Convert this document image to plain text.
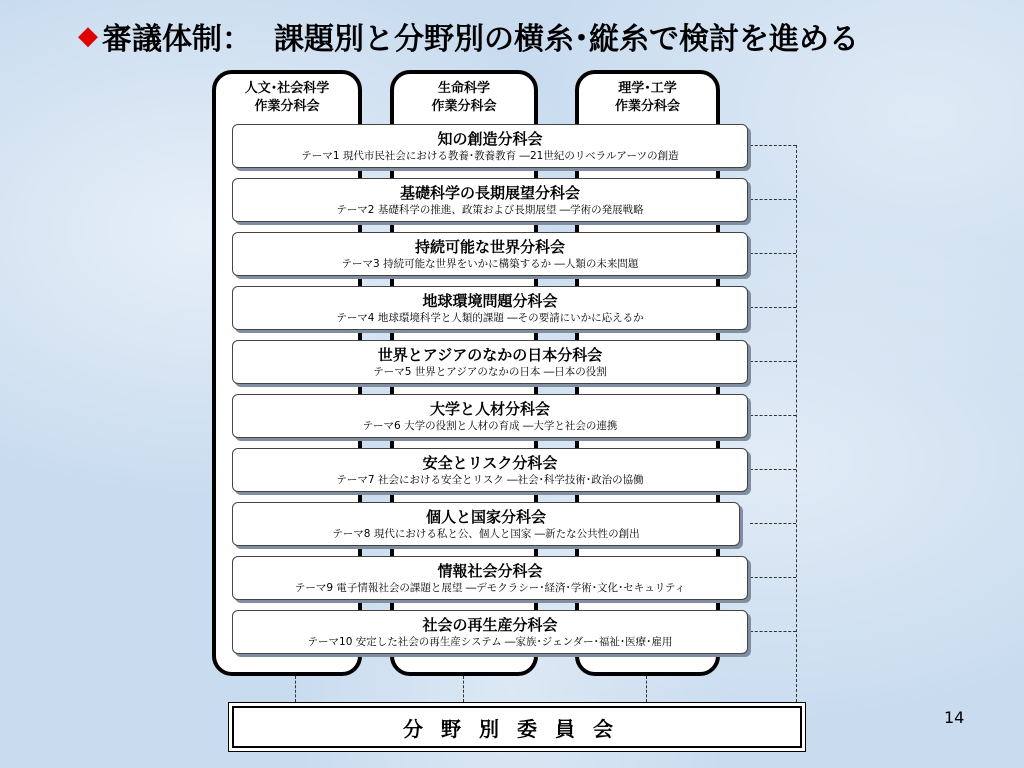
◆ 審議体制： 課題別と分野別の横糸･縦糸で検討を進める
人文･社会科学
作業分科会
生命科学
作業分科会
理学･工学
作業分科会
知の創造分科会
テーマ1 現代市民社会における教養･教養教育 ―21世紀のリベラルアーツの創造
基礎科学の長期展望分科会
テーマ2 基礎科学の推進、政策および長期展望 ―学術の発展戦略
持続可能な世界分科会
テーマ3 持続可能な世界をいかに構築するか ―人類の未来問題
地球環境問題分科会
テーマ4 地球環境科学と人類的課題 ―その要請にいかに応えるか
世界とアジアのなかの日本分科会
テーマ5 世界とアジアのなかの日本 ―日本の役割
大学と人材分科会
テーマ6 大学の役割と人材の育成 ―大学と社会の連携
安全とリスク分科会
テーマ7 社会における安全とリスク ―社会･科学技術･政治の協働
個人と国家分科会
テーマ8 現代における私と公、個人と国家 ―新たな公共性の創出
情報社会分科会
テーマ9 電子情報社会の課題と展望 ―デモクラシー･経済･学術･文化･セキュリティ
社会の再生産分科会
テーマ10 安定した社会の再生産システム ―家族･ジェンダー･福祉･医療･雇用
分野別委員会	14
